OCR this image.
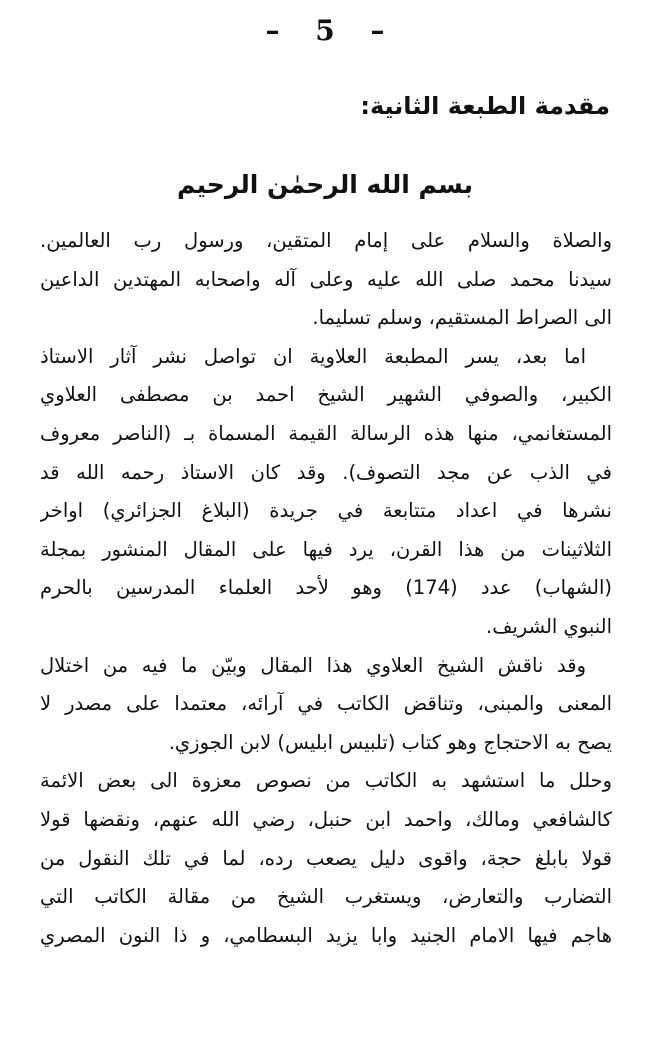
– 5 –
مقدمة الطبعة الثانية:
بسم الله الرحمٰن الرحيم
والصلاة والسلام على إمام المتقين، ورسول رب العالمين.
سيدنا محمد صلى الله عليه وعلى آله واصحابه المهتدين الداعين
الى الصراط المستقيم، وسلم تسليما.
اما بعد، يسر المطبعة العلاوية ان تواصل نشر آثار الاستاذ
الكبير، والصوفي الشهير الشيخ احمد بن مصطفى العلاوي
المستغانمي، منها هذه الرسالة القيمة المسماة بـ (الناصر معروف
في الذب عن مجد التصوف). وقد كان الاستاذ رحمه الله قد
نشرها في اعداد متتابعة في جريدة (البلاغ الجزائري) اواخر
الثلاثينات من هذا القرن، يرد فيها على المقال المنشور بمجلة
(الشهاب) عدد (174) وهو لأحد العلماء المدرسين بالحرم
النبوي الشريف.
وقد ناقش الشيخ العلاوي هذا المقال وبيّن ما فيه من اختلال
المعنى والمبنى، وتناقض الكاتب في آرائه، معتمدا على مصدر لا
يصح به الاحتجاج وهو كتاب (تلبيس ابليس) لابن الجوزي.
وحلل ما استشهد به الكاتب من نصوص معزوة الى بعض الائمة
كالشافعي ومالك، واحمد ابن حنبل، رضي الله عنهم، ونقضها قولا
قولا بابلغ حجة، واقوى دليل يصعب رده، لما في تلك النقول من
التضارب والتعارض، ويستغرب الشيخ من مقالة الكاتب التي
هاجم فيها الامام الجنيد وابا يزيد البسطامي، و ذا النون المصري
